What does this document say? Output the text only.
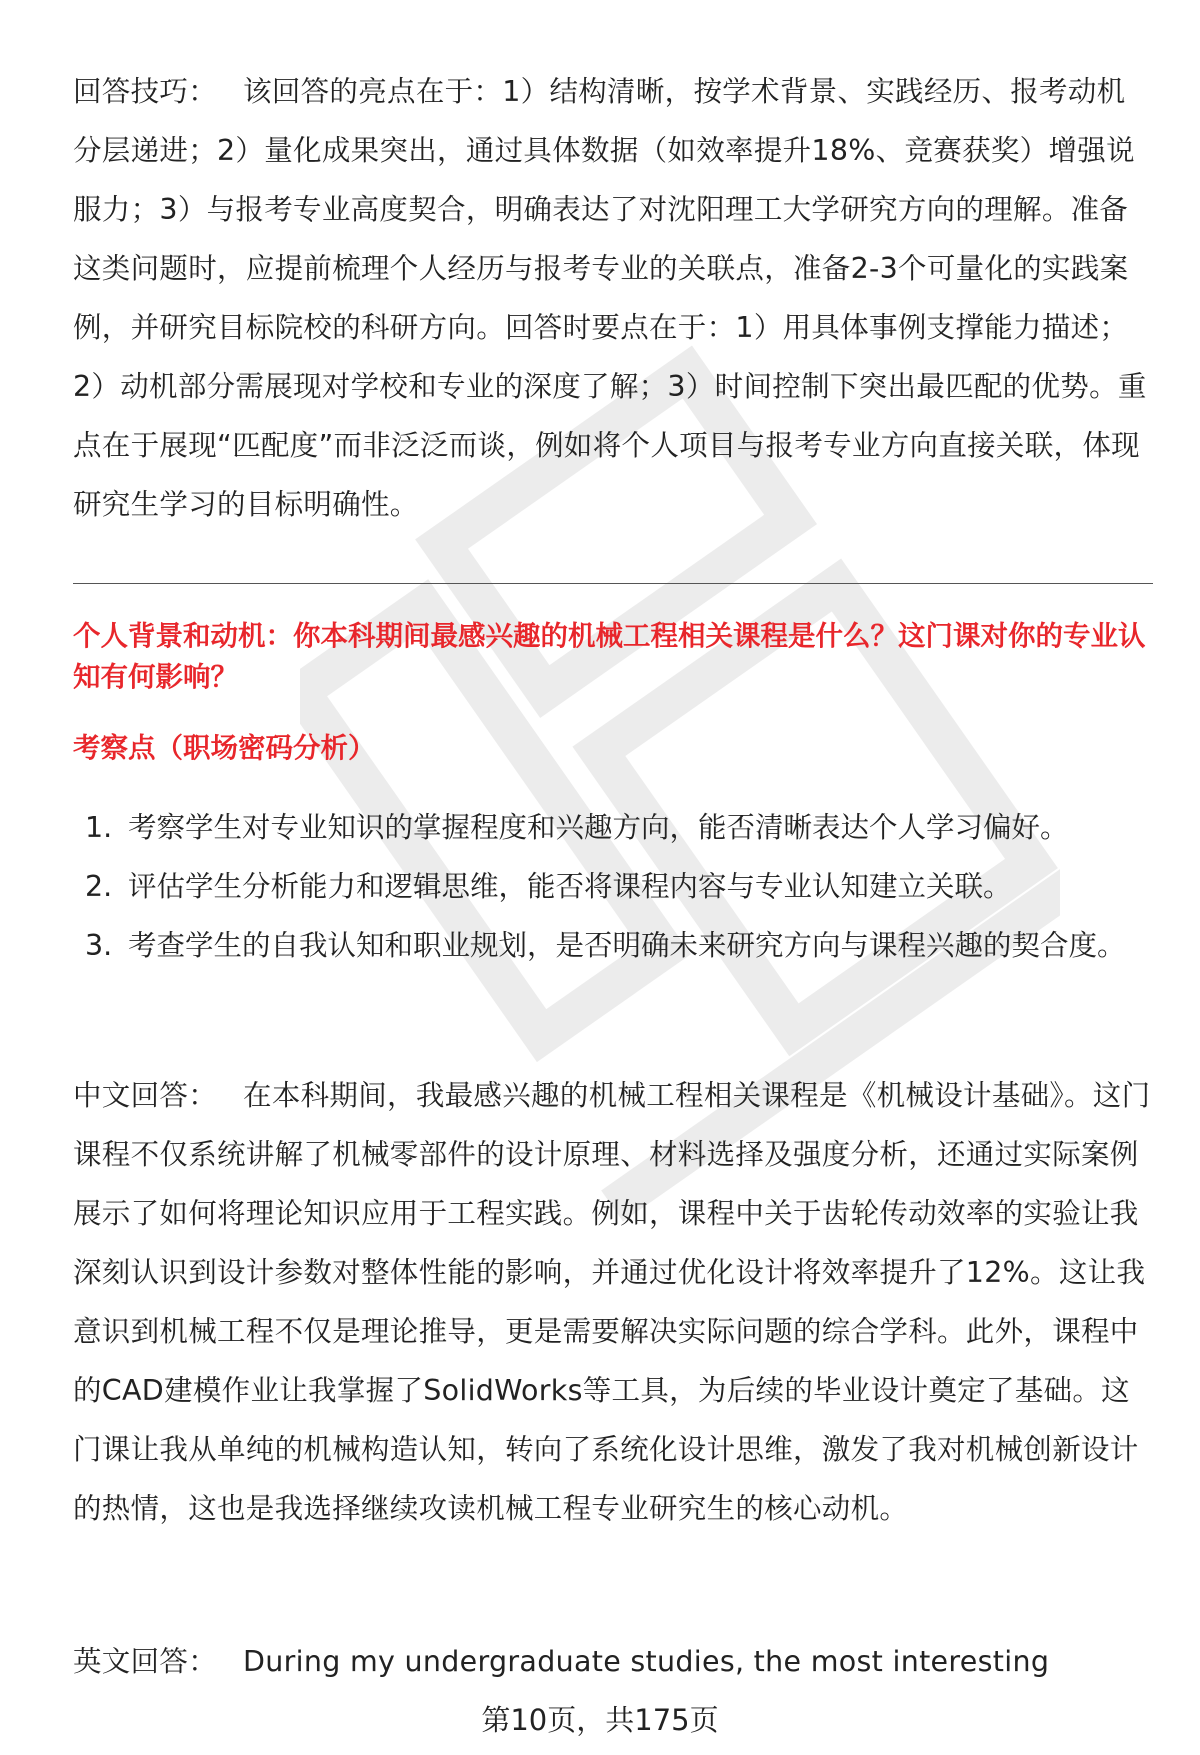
回答技巧： 该回答的亮点在于：1）结构清晰，按学术背景、实践经历、报考动机分层递进；2）量化成果突出，通过具体数据（如效率提升18%、竞赛获奖）增强说服力；3）与报考专业高度契合，明确表达了对沈阳理工大学研究方向的理解。准备这类问题时，应提前梳理个人经历与报考专业的关联点，准备2-3个可量化的实践案例，并研究目标院校的科研方向。回答时要点在于：1）用具体事例支撑能力描述；2）动机部分需展现对学校和专业的深度了解；3）时间控制下突出最匹配的优势。重点在于展现“匹配度”而非泛泛而谈，例如将个人项目与报考专业方向直接关联，体现研究生学习的目标明确性。

个人背景和动机：你本科期间最感兴趣的机械工程相关课程是什么？这门课对你的专业认知有何影响？
考察点（职场密码分析）
1. 考察学生对专业知识的掌握程度和兴趣方向，能否清晰表达个人学习偏好。
2. 评估学生分析能力和逻辑思维，能否将课程内容与专业认知建立关联。
3. 考查学生的自我认知和职业规划，是否明确未来研究方向与课程兴趣的契合度。

中文回答： 在本科期间，我最感兴趣的机械工程相关课程是《机械设计基础》。这门课程不仅系统讲解了机械零部件的设计原理、材料选择及强度分析，还通过实际案例展示了如何将理论知识应用于工程实践。例如，课程中关于齿轮传动效率的实验让我深刻认识到设计参数对整体性能的影响，并通过优化设计将效率提升了12%。这让我意识到机械工程不仅是理论推导，更是需要解决实际问题的综合学科。此外，课程中的CAD建模作业让我掌握了SolidWorks等工具，为后续的毕业设计奠定了基础。这门课让我从单纯的机械构造认知，转向了系统化设计思维，激发了我对机械创新设计的热情，这也是我选择继续攻读机械工程专业研究生的核心动机。

英文回答： During my undergraduate studies, the most interesting

第10页，共175页
